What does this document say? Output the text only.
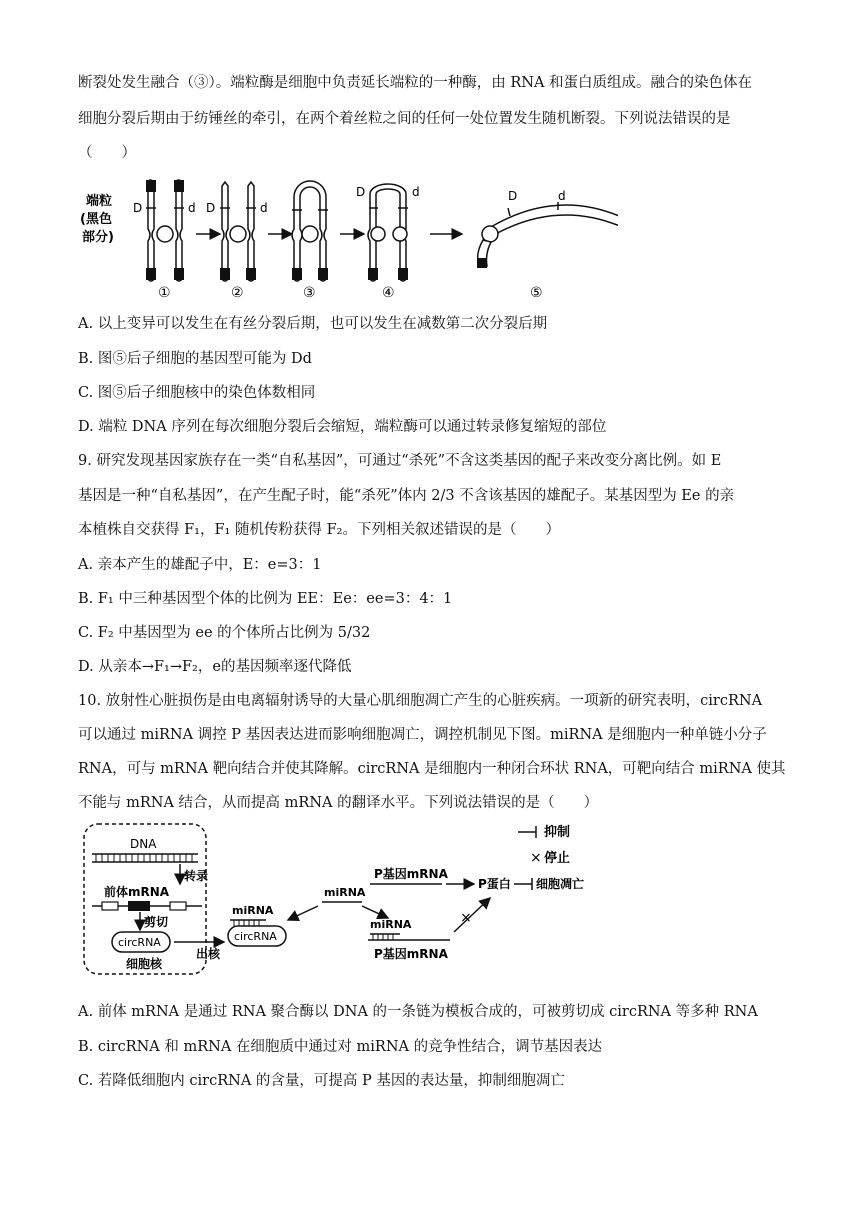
断裂处发生融合（③）。端粒酶是细胞中负责延长端粒的一种酶，由 RNA 和蛋白质组成。融合的染色体在
细胞分裂后期由于纺锤丝的牵引，在两个着丝粒之间的任何一处位置发生随机断裂。下列说法错误的是
（　　）
端粒
(黑色
部分)
D	d D	d
D	d	D	d
①	②	③	④	⑤
A. 以上变异可以发生在有丝分裂后期，也可以发生在减数第二次分裂后期
B. 图⑤后子细胞的基因型可能为 Dd
C. 图⑤后子细胞核中的染色体数相同
D. 端粒 DNA 序列在每次细胞分裂后会缩短，端粒酶可以通过转录修复缩短的部位
9. 研究发现基因家族存在一类“自私基因”，可通过“杀死”不含这类基因的配子来改变分离比例。如 E
基因是一种“自私基因”，在产生配子时，能“杀死”体内 2/3 不含该基因的雄配子。某基因型为 Ee 的亲
本植株自交获得 F₁，F₁ 随机传粉获得 F₂。下列相关叙述错误的是（　　）
A. 亲本产生的雄配子中，E：e=3：1
B. F₁ 中三种基因型个体的比例为 EE：Ee：ee=3：4：1
C. F₂ 中基因型为 ee 的个体所占比例为 5/32
D. 从亲本→F₁→F₂，e的基因频率逐代降低
10. 放射性心脏损伤是由电离辐射诱导的大量心肌细胞凋亡产生的心脏疾病。一项新的研究表明，circRNA
可以通过 miRNA 调控 P 基因表达进而影响细胞凋亡，调控机制见下图。miRNA 是细胞内一种单链小分子
RNA，可与 mRNA 靶向结合并使其降解。circRNA 是细胞内一种闭合环状 RNA，可靶向结合 miRNA 使其
不能与 mRNA 结合，从而提高 mRNA 的翻译水平。下列说法错误的是（　　）
DNA
转录
前体mRNA
剪切
circRNA
细胞核
出核
miRNA
circRNA
miRNA
P基因mRNA
P蛋白 细胞凋亡
miRNA
P基因mRNA
×
抑制
× 停止
A. 前体 mRNA 是通过 RNA 聚合酶以 DNA 的一条链为模板合成的，可被剪切成 circRNA 等多种 RNA
B. circRNA 和 mRNA 在细胞质中通过对 miRNA 的竞争性结合，调节基因表达
C. 若降低细胞内 circRNA 的含量，可提高 P 基因的表达量，抑制细胞凋亡
